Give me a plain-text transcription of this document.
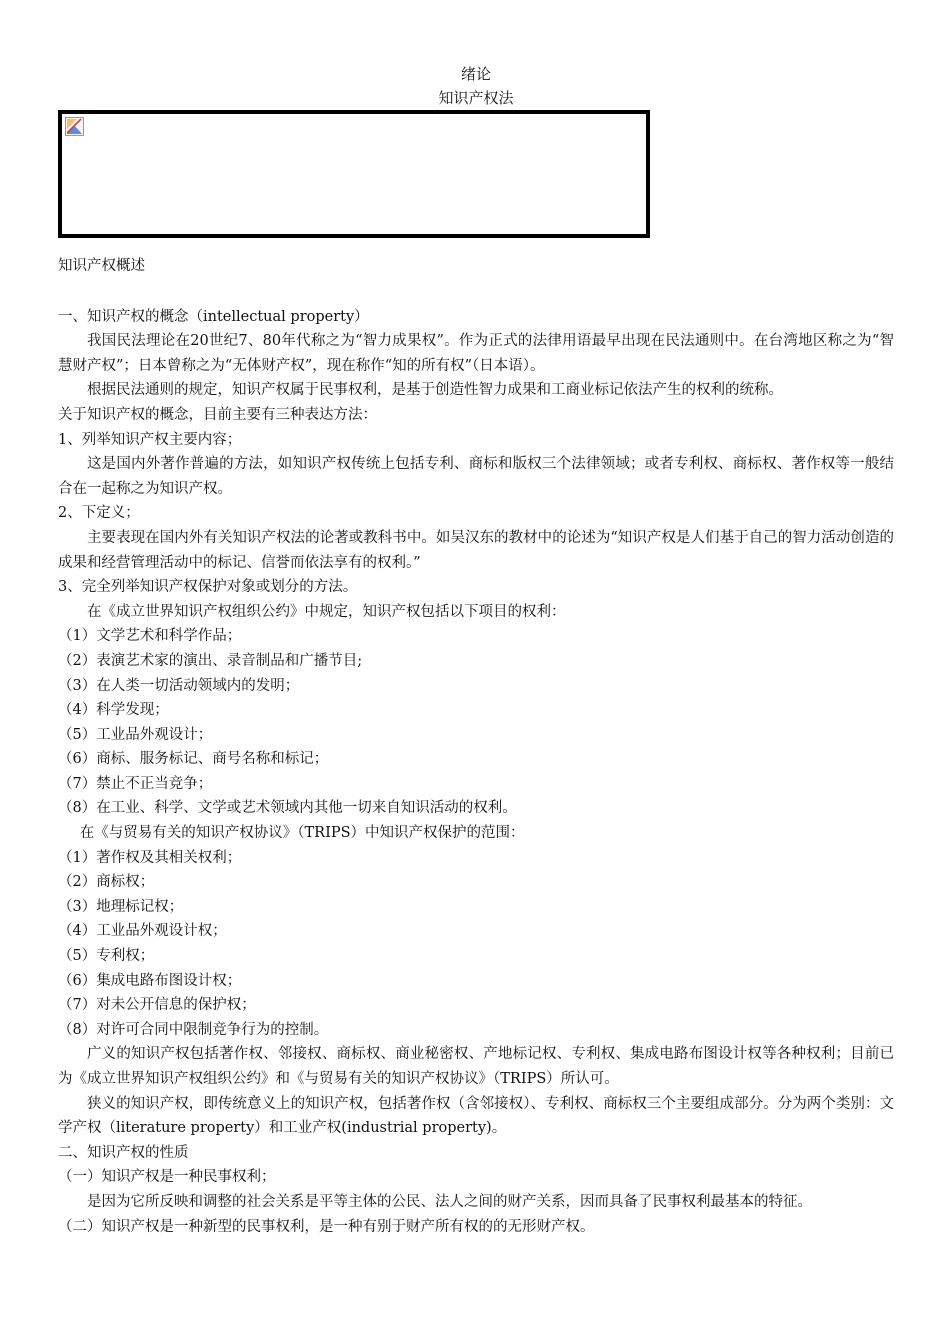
绪论

知识产权法

知识产权概述

一、知识产权的概念（intellectual property）

我国民法理论在20世纪7、80年代称之为“智力成果权”。作为正式的法律用语最早出现在民法通则中。在台湾地区称之为“智慧财产权”；日本曾称之为“无体财产权”，现在称作“知的所有权”（日本语）。

根据民法通则的规定，知识产权属于民事权利，是基于创造性智力成果和工商业标记依法产生的权利的统称。

关于知识产权的概念，目前主要有三种表达方法：

1、列举知识产权主要内容；

这是国内外著作普遍的方法，如知识产权传统上包括专利、商标和版权三个法律领域；或者专利权、商标权、著作权等一般结合在一起称之为知识产权。

2、下定义；

主要表现在国内外有关知识产权法的论著或教科书中。如吴汉东的教材中的论述为“知识产权是人们基于自己的智力活动创造的成果和经营管理活动中的标记、信誉而依法享有的权利。”

3、完全列举知识产权保护对象或划分的方法。

在《成立世界知识产权组织公约》中规定，知识产权包括以下项目的权利：

（1）文学艺术和科学作品；

（2）表演艺术家的演出、录音制品和广播节目;

（3）在人类一切活动领域内的发明；

（4）科学发现；

（5）工业品外观设计；

（6）商标、服务标记、商号名称和标记；

（7）禁止不正当竞争；

（8）在工业、科学、文学或艺术领域内其他一切来自知识活动的权利。

在《与贸易有关的知识产权协议》（TRIPS）中知识产权保护的范围：

（1）著作权及其相关权利；

（2）商标权；

（3）地理标记权；

（4）工业品外观设计权；

（5）专利权；

（6）集成电路布图设计权；

（7）对未公开信息的保护权；

（8）对许可合同中限制竞争行为的控制。

广义的知识产权包括著作权、邻接权、商标权、商业秘密权、产地标记权、专利权、集成电路布图设计权等各种权利；目前已为《成立世界知识产权组织公约》和《与贸易有关的知识产权协议》（TRIPS）所认可。

狭义的知识产权，即传统意义上的知识产权，包括著作权（含邻接权）、专利权、商标权三个主要组成部分。分为两个类别：文学产权（literature property）和工业产权(industrial property)。

二、知识产权的性质

（一）知识产权是一种民事权利；

是因为它所反映和调整的社会关系是平等主体的公民、法人之间的财产关系，因而具备了民事权利最基本的特征。

（二）知识产权是一种新型的民事权利，是一种有别于财产所有权的的无形财产权。
